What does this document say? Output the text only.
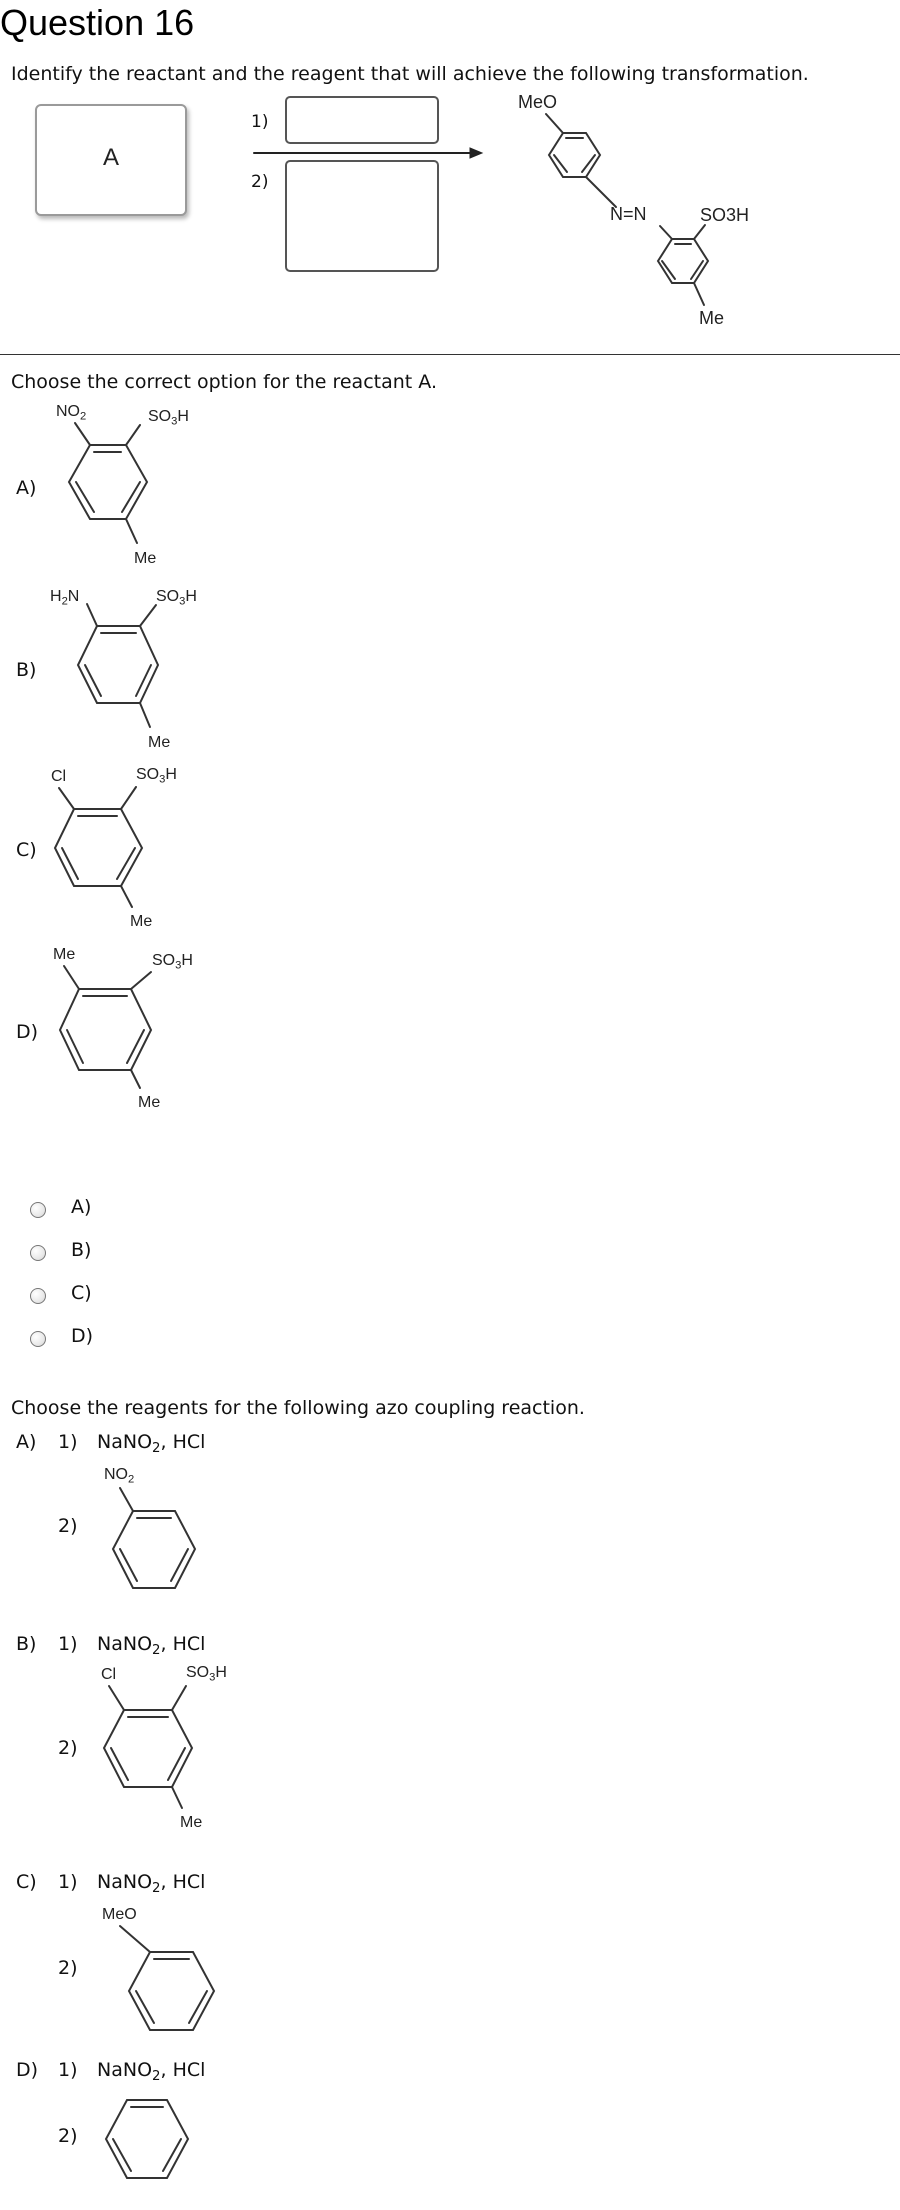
Question 16
Identify the reactant and the reagent that will achieve the following transformation.
A
1)
2)
MeO
N=N	SO3H
Me
Choose the correct option for the reactant A.
A)
$NO_2$	$SO_3H$
Me
B)
$H_2N$	$SO_3H$
Me
C)
Cl	$SO_3H$
Me
D)
Me	$SO_3H$
Me
A)
B)
C)
D)
Choose the reagents for the following azo coupling reaction.
A) 1) NaNO$_2$, HCl
2)
$NO_2$
B) 1) NaNO$_2$, HCl
2)
Cl	$SO_3H$
Me
C) 1) NaNO$_2$, HCl
2)
MeO
D) 1) NaNO$_2$, HCl
2)
